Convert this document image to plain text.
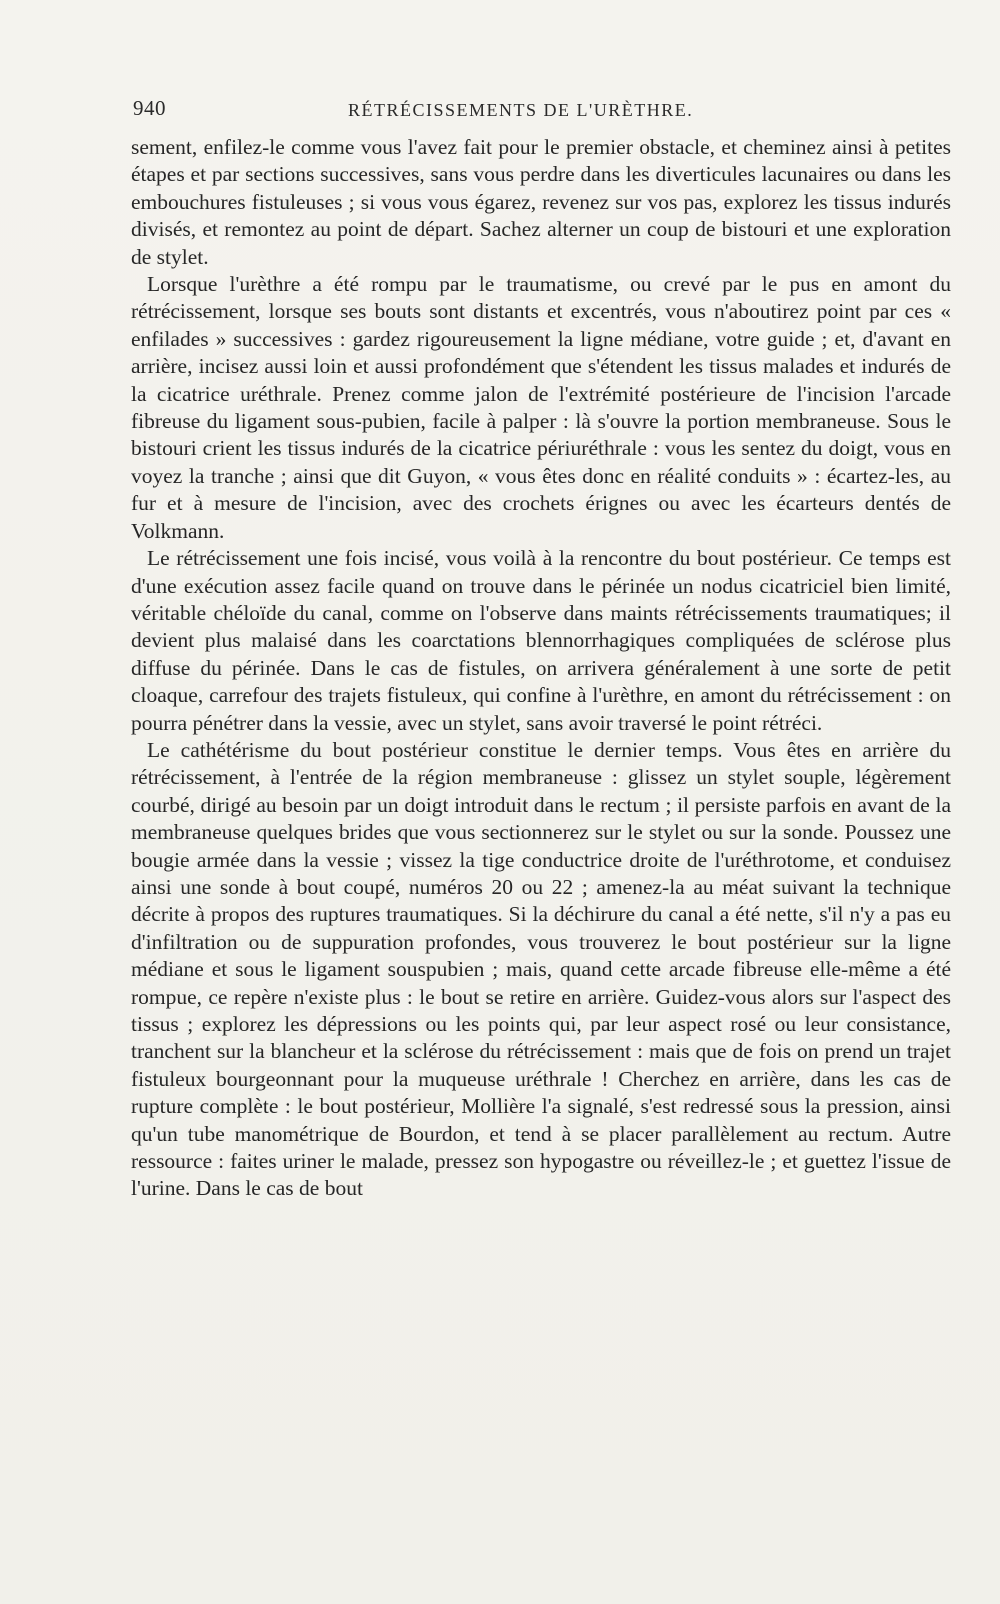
940	RÉTRÉCISSEMENTS DE L'URÈTHRE.

sement, enfilez-le comme vous l'avez fait pour le premier obstacle, et cheminez ainsi à petites étapes et par sections successives, sans vous perdre dans les diverticules lacunaires ou dans les embouchures fistuleuses ; si vous vous égarez, revenez sur vos pas, explorez les tissus indurés divisés, et remontez au point de départ. Sachez alterner un coup de bistouri et une exploration de stylet.

Lorsque l'urèthre a été rompu par le traumatisme, ou crevé par le pus en amont du rétrécissement, lorsque ses bouts sont distants et excentrés, vous n'aboutirez point par ces « enfilades » successives : gardez rigoureusement la ligne médiane, votre guide ; et, d'avant en arrière, incisez aussi loin et aussi profondément que s'étendent les tissus malades et indurés de la cicatrice uréthrale. Prenez comme jalon de l'extrémité postérieure de l'incision l'arcade fibreuse du ligament sous-pubien, facile à palper : là s'ouvre la portion membraneuse. Sous le bistouri crient les tissus indurés de la cicatrice périuréthrale : vous les sentez du doigt, vous en voyez la tranche ; ainsi que dit Guyon, « vous êtes donc en réalité conduits » : écartez-les, au fur et à mesure de l'incision, avec des crochets érignes ou avec les écarteurs dentés de Volkmann.

Le rétrécissement une fois incisé, vous voilà à la rencontre du bout postérieur. Ce temps est d'une exécution assez facile quand on trouve dans le périnée un nodus cicatriciel bien limité, véritable chéloïde du canal, comme on l'observe dans maints rétrécissements traumatiques; il devient plus malaisé dans les coarctations blennorrhagiques compliquées de sclérose plus diffuse du périnée. Dans le cas de fistules, on arrivera généralement à une sorte de petit cloaque, carrefour des trajets fistuleux, qui confine à l'urèthre, en amont du rétrécissement : on pourra pénétrer dans la vessie, avec un stylet, sans avoir traversé le point rétréci.

Le cathétérisme du bout postérieur constitue le dernier temps. Vous êtes en arrière du rétrécissement, à l'entrée de la région membraneuse : glissez un stylet souple, légèrement courbé, dirigé au besoin par un doigt introduit dans le rectum ; il persiste parfois en avant de la membraneuse quelques brides que vous sectionnerez sur le stylet ou sur la sonde. Poussez une bougie armée dans la vessie ; vissez la tige conductrice droite de l'uréthrotome, et conduisez ainsi une sonde à bout coupé, numéros 20 ou 22 ; amenez-la au méat suivant la technique décrite à propos des ruptures traumatiques. Si la déchirure du canal a été nette, s'il n'y a pas eu d'infiltration ou de suppuration profondes, vous trouverez le bout postérieur sur la ligne médiane et sous le ligament souspubien ; mais, quand cette arcade fibreuse elle-même a été rompue, ce repère n'existe plus : le bout se retire en arrière. Guidez-vous alors sur l'aspect des tissus ; explorez les dépressions ou les points qui, par leur aspect rosé ou leur consistance, tranchent sur la blancheur et la sclérose du rétrécissement : mais que de fois on prend un trajet fistuleux bourgeonnant pour la muqueuse uréthrale ! Cherchez en arrière, dans les cas de rupture complète : le bout postérieur, Mollière l'a signalé, s'est redressé sous la pression, ainsi qu'un tube manométrique de Bourdon, et tend à se placer parallèlement au rectum. Autre ressource : faites uriner le malade, pressez son hypogastre ou réveillez-le ; et guettez l'issue de l'urine. Dans le cas de bout
